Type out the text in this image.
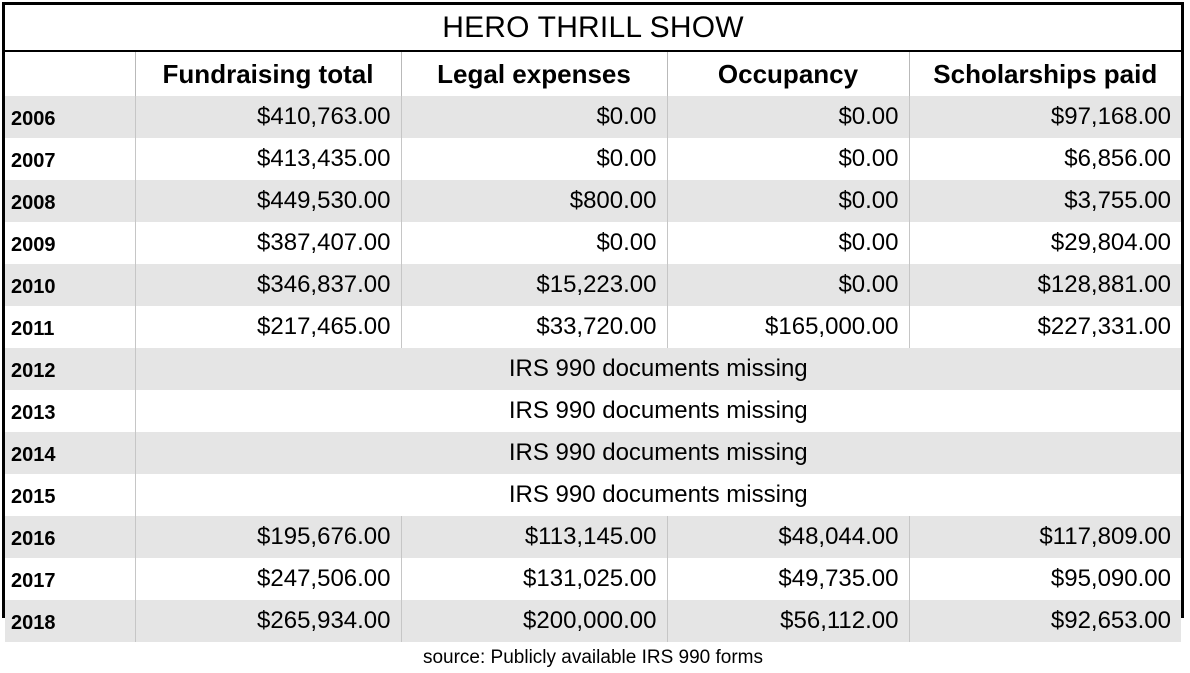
HERO THRILL SHOW
	Fundraising total	Legal expenses	Occupancy	Scholarships paid
2006	$410,763.00	$0.00	$0.00	$97,168.00
2007	$413,435.00	$0.00	$0.00	$6,856.00
2008	$449,530.00	$800.00	$0.00	$3,755.00
2009	$387,407.00	$0.00	$0.00	$29,804.00
2010	$346,837.00	$15,223.00	$0.00	$128,881.00
2011	$217,465.00	$33,720.00	$165,000.00	$227,331.00
2012	IRS 990 documents missing			
2013	IRS 990 documents missing			
2014	IRS 990 documents missing			
2015	IRS 990 documents missing			
2016	$195,676.00	$113,145.00	$48,044.00	$117,809.00
2017	$247,506.00	$131,025.00	$49,735.00	$95,090.00
2018	$265,934.00	$200,000.00	$56,112.00	$92,653.00
source: Publicly available IRS 990 forms
